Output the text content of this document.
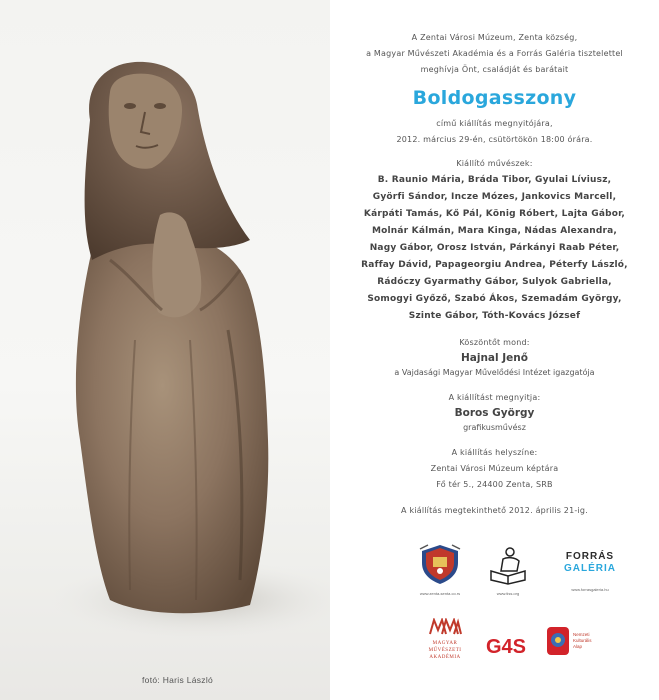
fotó: Haris László
A Zentai Városi Múzeum, Zenta község,
a Magyar Művészeti Akadémia és a Forrás Galéria tisztelettel
meghívja Önt, családját és barátait
Boldogasszony
című kiállítás megnyitójára,
2012. március 29-én, csütörtökön 18:00 órára.
Kiállító művészek:
B. Raunio Mária, Bráda Tibor, Gyulai Líviusz,
Györfi Sándor, Incze Mózes, Jankovics Marcell,
Kárpáti Tamás, Kő Pál, König Róbert, Lajta Gábor,
Molnár Kálmán, Mara Kinga, Nádas Alexandra,
Nagy Gábor, Orosz István, Párkányi Raab Péter,
Raffay Dávid, Papageorgiu Andrea, Péterfy László,
Rádóczy Gyarmathy Gábor, Sulyok Gabriella,
Somogyi Győző, Szabó Ákos, Szemadám György,
Szinte Gábor, Tóth-Kovács József
Köszöntőt mond:
Hajnal Jenő
a Vajdasági Magyar Művelődési Intézet igazgatója
A kiállítást megnyitja:
Boros György
grafikusművész
A kiállítás helyszíne:
Zentai Városi Múzeum képtára
Fő tér 5., 24400 Zenta, SRB
A kiállítás megtekinthető 2012. április 21-ig.
www.zenta-senta.co.rs	www.tiss.org
FORRÁS
GALÉRIA
www.forrasgaleria.hu
MAGYAR
MŰVÉSZETI
AKADÉMIA	G4S
Nemzeti
Kulturális
Alap
